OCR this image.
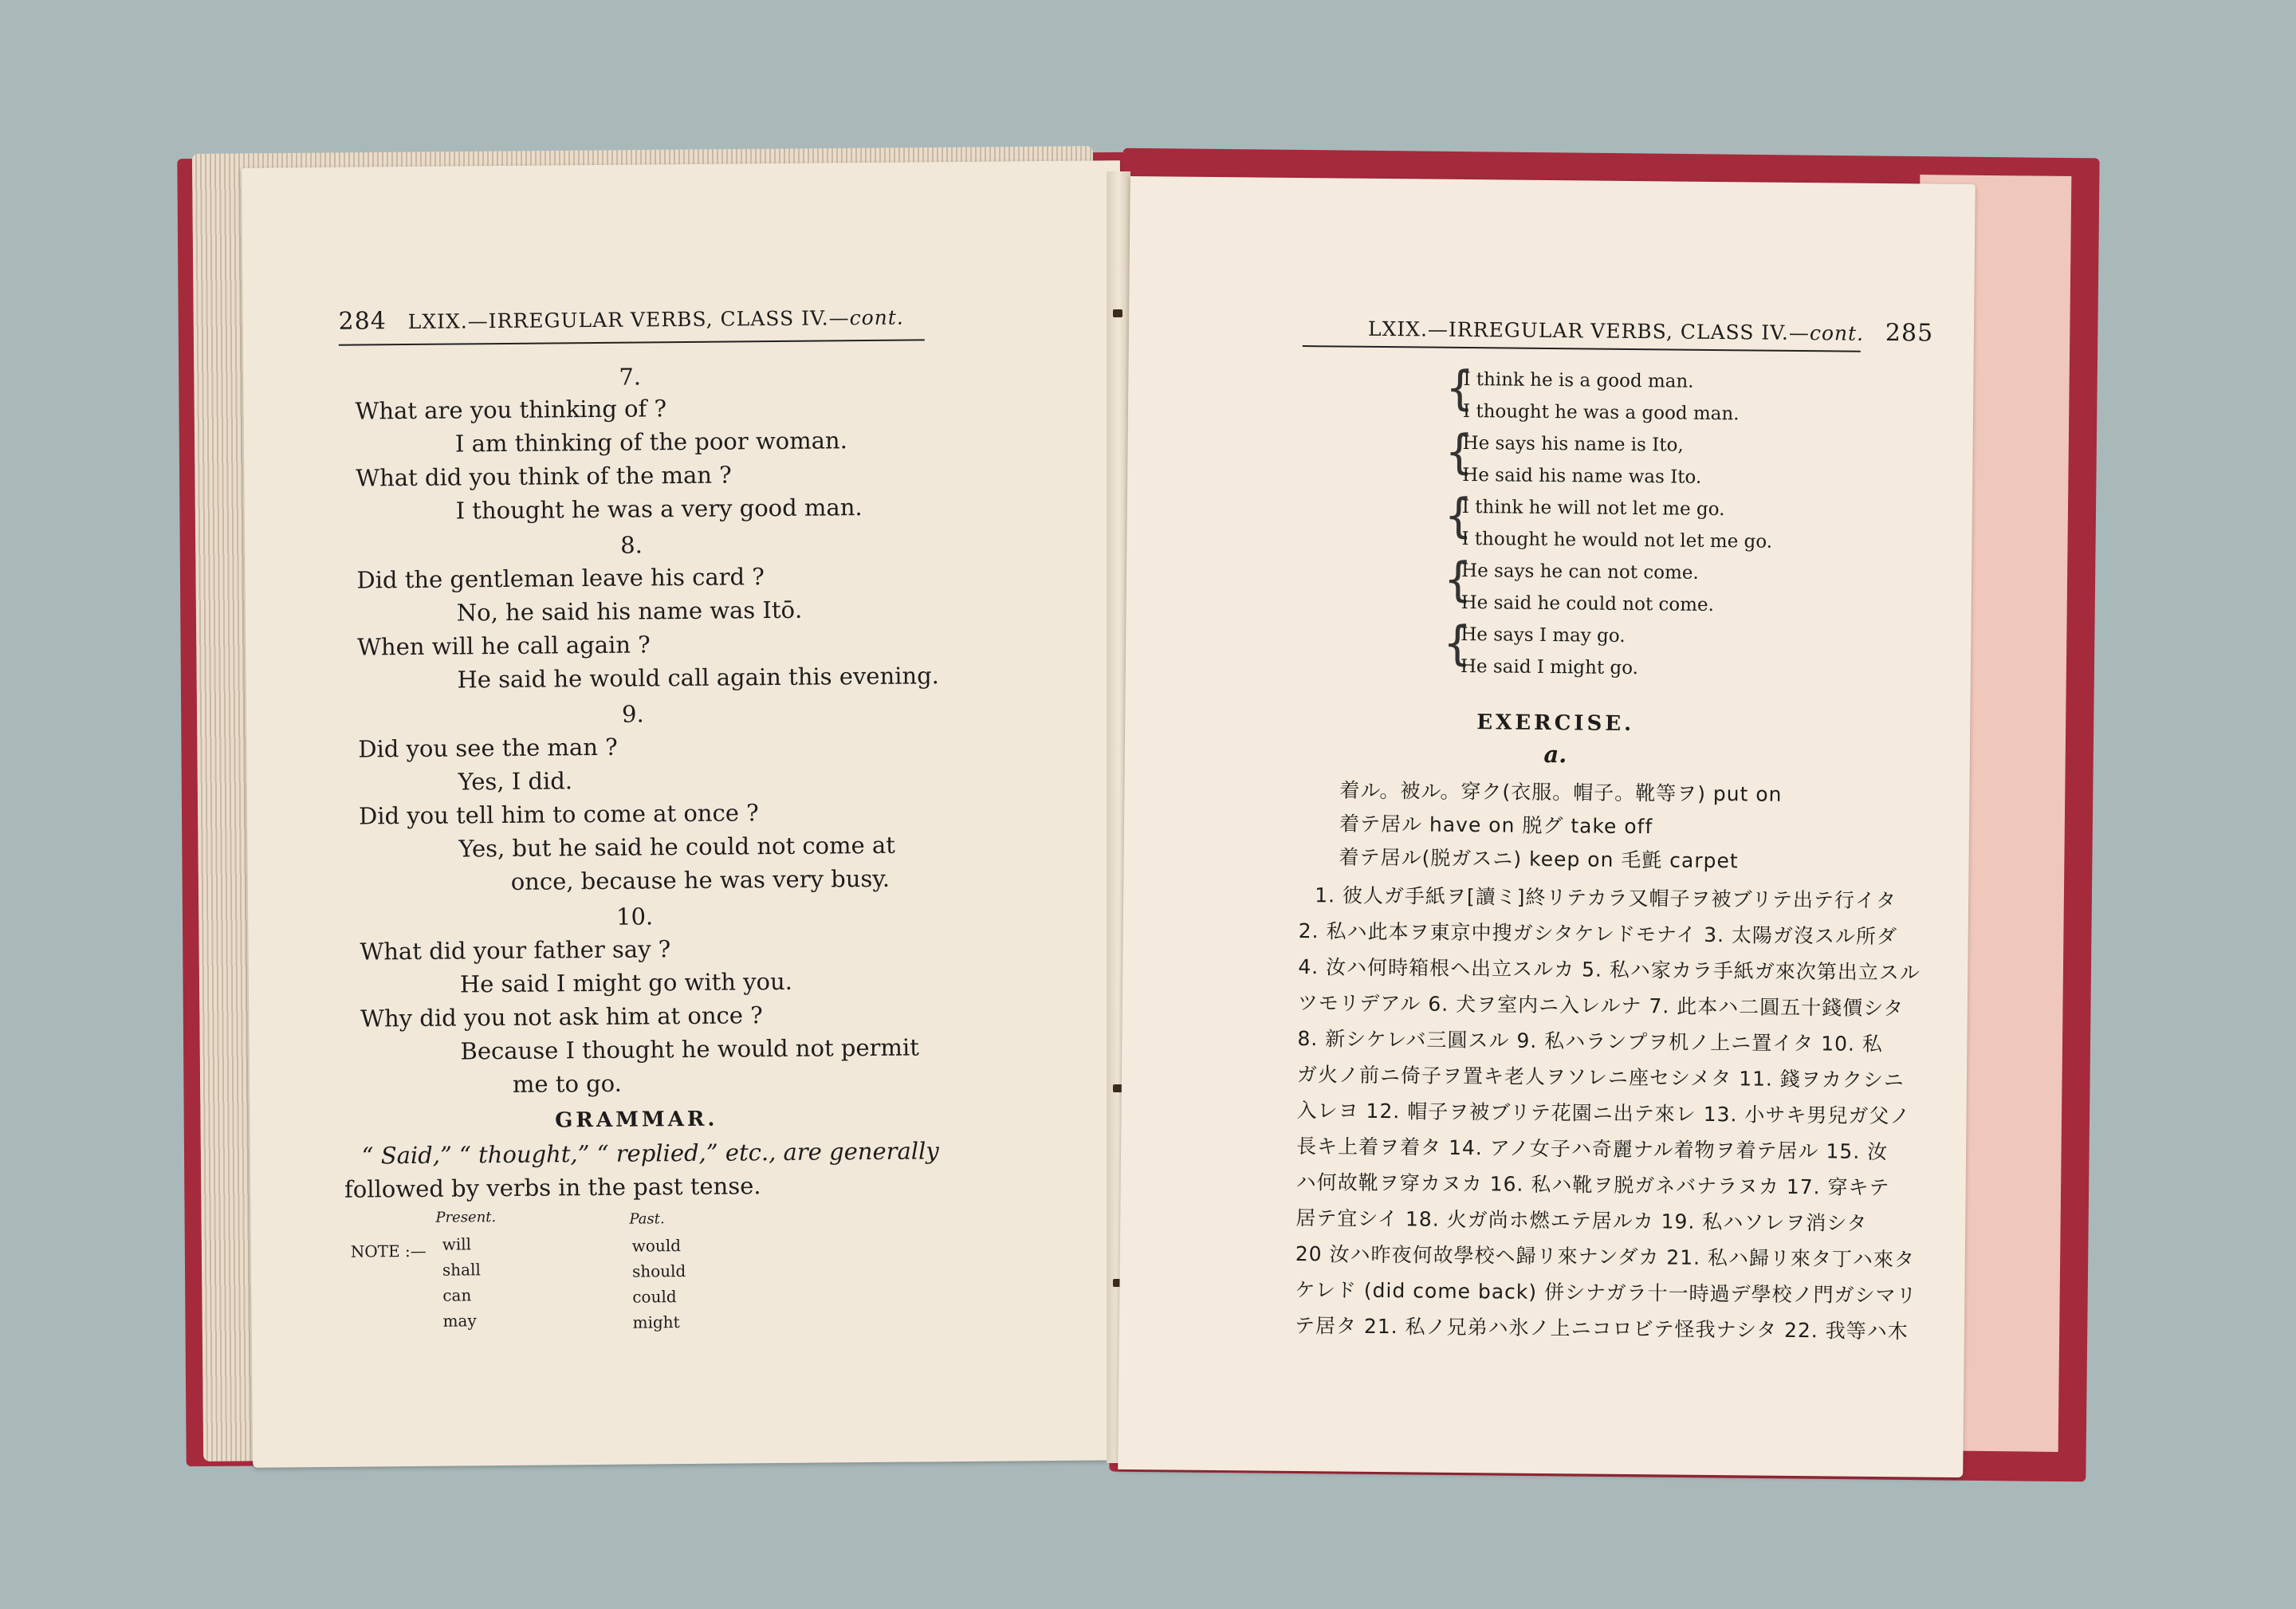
284 LXIX.—IRREGULAR VERBS, CLASS IV.—cont.
7.
What are you thinking of ?
I am thinking of the poor woman.
What did you think of the man ?
I thought he was a very good man.
8.
Did the gentleman leave his card ?
No, he said his name was Itō.
When will he call again ?
He said he would call again this evening.
9.
Did you see the man ?
Yes, I did.
Did you tell him to come at once ?
Yes, but he said he could not come at
once, because he was very busy.
10.
What did your father say ?
He said I might go with you.
Why did you not ask him at once ?
Because I thought he would not permit
me to go.
GRAMMAR.
“ Said,” “ thought,” “ replied,” etc., are generally
followed by verbs in the past tense.
NOTE :—
Present.	Past.
will
shall
can
may
would
should
could
might
LXIX.—IRREGULAR VERBS, CLASS IV.—cont. 285
{
I think he is a good man.
I thought he was a good man.
{
He says his name is Ito,
He said his name was Ito.
{
I think he will not let me go.
I thought he would not let me go.
{
He says he can not come.
He said he could not come.
{
He says I may go.
He said I might go.
EXERCISE.
a.
着ル。被ル。穿ク(衣服。帽子。靴等ヲ) put on
着テ居ル have on 脱グ take off
着テ居ル(脱ガスニ) keep on 毛氈 carpet
1. 彼人ガ手紙ヲ[讀ミ]終リテカラ又帽子ヲ被ブリテ出テ行イタ
2. 私ハ此本ヲ東京中搜ガシタケレドモナイ 3. 太陽ガ沒スル所ダ
4. 汝ハ何時箱根ヘ出立スルカ 5. 私ハ家カラ手紙ガ來次第出立スル
ツモリデアル 6. 犬ヲ室内ニ入レルナ 7. 此本ハ二圓五十錢價シタ
8. 新シケレバ三圓スル 9. 私ハランプヲ机ノ上ニ置イタ 10. 私
ガ火ノ前ニ倚子ヲ置キ老人ヲソレニ座セシメタ 11. 錢ヲカクシニ
入レヨ 12. 帽子ヲ被ブリテ花園ニ出テ來レ 13. 小サキ男兒ガ父ノ
長キ上着ヲ着タ 14. アノ女子ハ奇麗ナル着物ヲ着テ居ル 15. 汝
ハ何故靴ヲ穿カヌカ 16. 私ハ靴ヲ脱ガネバナラヌカ 17. 穿キテ
居テ宜シイ 18. 火ガ尚ホ燃エテ居ルカ 19. 私ハソレヲ消シタ
20 汝ハ昨夜何故學校ヘ歸リ來ナンダカ 21. 私ハ歸リ來タ丁ハ來タ
ケレド (did come back) 併シナガラ十一時過デ學校ノ門ガシマリ
テ居タ 21. 私ノ兄弟ハ氷ノ上ニコロビテ怪我ナシタ 22. 我等ハ木
